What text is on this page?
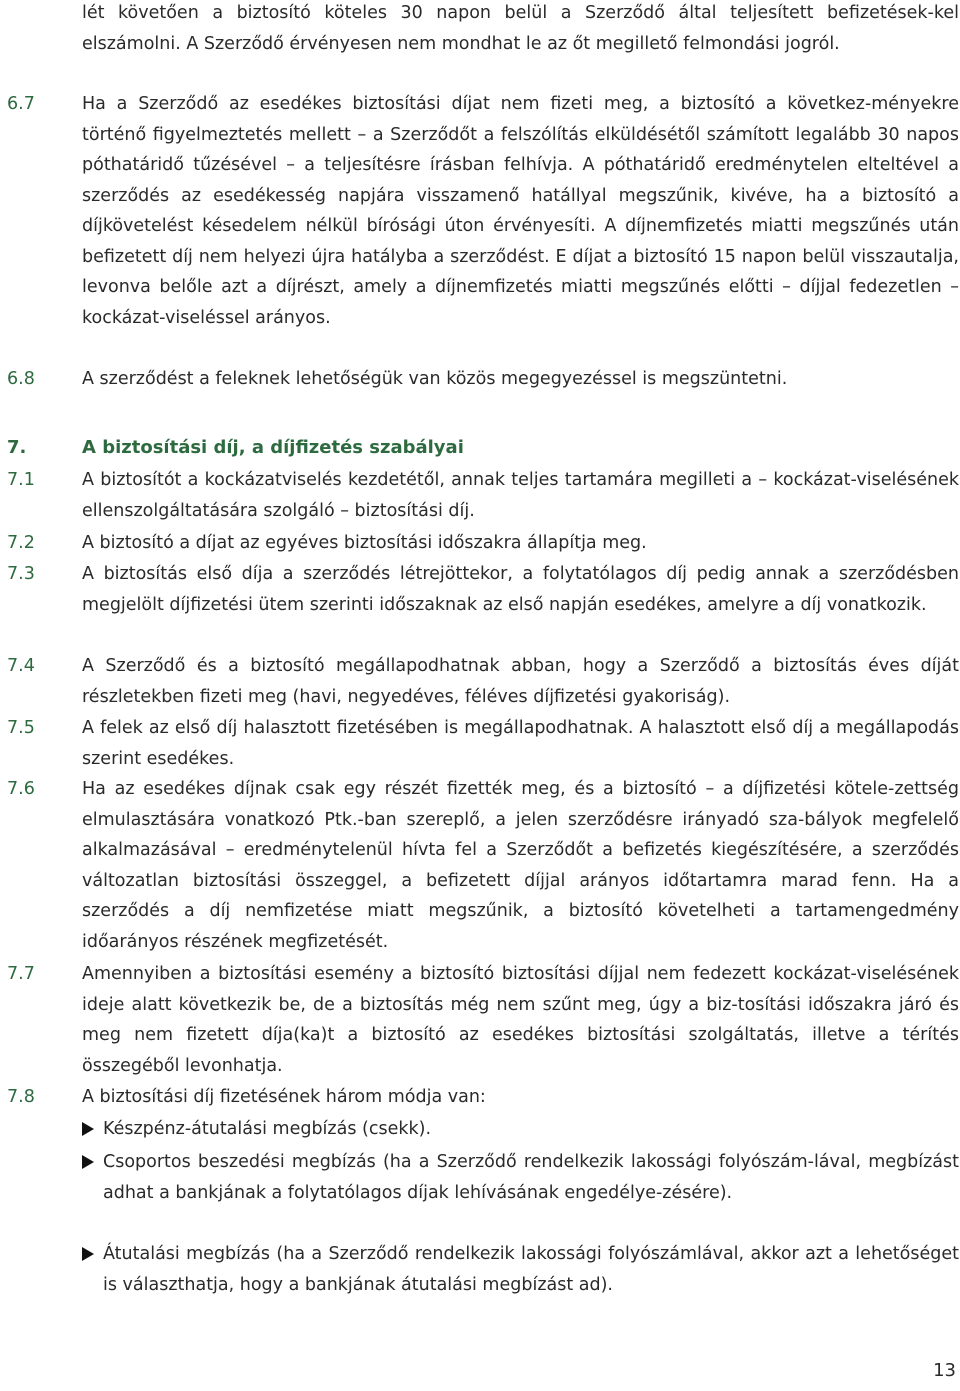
lét követően a biztosító köteles 30 napon belül a Szerződő által teljesített befizetések-kel elszámolni. A Szerződő érvényesen nem mondhat le az őt megillető felmondási jogról.

6.7	Ha a Szerződő az esedékes biztosítási díjat nem fizeti meg, a biztosító a következ-ményekre történő figyelmeztetés mellett – a Szerződőt a felszólítás elküldésétől számított legalább 30 napos póthatáridő tűzésével – a teljesítésre írásban felhívja. A póthatáridő eredménytelen elteltével a szerződés az esedékesség napjára visszamenő hatállyal megszűnik, kivéve, ha a biztosító a díjkövetelést késedelem nélkül bírósági úton érvényesíti. A díjnemfizetés miatti megszűnés után befizetett díj nem helyezi újra hatályba a szerződést. E díjat a biztosító 15 napon belül visszautalja, levonva belőle azt a díjrészt, amely a díjnemfizetés miatti megszűnés előtti – díjjal fedezetlen – kockázat-viseléssel arányos.

6.8	A szerződést a feleknek lehetőségük van közös megegyezéssel is megszüntetni.

7.	A biztosítási díj, a díjfizetés szabályai
7.1	A biztosítót a kockázatviselés kezdetétől, annak teljes tartamára megilleti a – kockázat-viselésének ellenszolgáltatására szolgáló – biztosítási díj.

7.2	A biztosító a díjat az egyéves biztosítási időszakra állapítja meg.

7.3	A biztosítás első díja a szerződés létrejöttekor, a folytatólagos díj pedig annak a szerződésben megjelölt díjfizetési ütem szerinti időszaknak az első napján esedékes, amelyre a díj vonatkozik.

7.4	A Szerződő és a biztosító megállapodhatnak abban, hogy a Szerződő a biztosítás éves díját részletekben fizeti meg (havi, negyedéves, féléves díjfizetési gyakoriság).

7.5	A felek az első díj halasztott fizetésében is megállapodhatnak. A halasztott első díj a megállapodás szerint esedékes.

7.6	Ha az esedékes díjnak csak egy részét fizették meg, és a biztosító – a díjfizetési kötele-zettség elmulasztására vonatkozó Ptk.-ban szereplő, a jelen szerződésre irányadó sza-bályok megfelelő alkalmazásával – eredménytelenül hívta fel a Szerződőt a befizetés kiegészítésére, a szerződés változatlan biztosítási összeggel, a befizetett díjjal arányos időtartamra marad fenn. Ha a szerződés a díj nemfizetése miatt megszűnik, a biztosító követelheti a tartamengedmény időarányos részének megfizetését.

7.7	Amennyiben a biztosítási esemény a biztosító biztosítási díjjal nem fedezett kockázat-viselésének ideje alatt következik be, de a biztosítás még nem szűnt meg, úgy a biz-tosítási időszakra járó és meg nem fizetett díja(ka)t a biztosító az esedékes biztosítási szolgáltatás, illetve a térítés összegéből levonhatja.

7.8	A biztosítási díj fizetésének három módja van:

Készpénz-átutalási megbízás (csekk).

Csoportos beszedési megbízás (ha a Szerződő rendelkezik lakossági folyószám-lával, megbízást adhat a bankjának a folytatólagos díjak lehívásának engedélye-zésére).

Átutalási megbízás (ha a Szerződő rendelkezik lakossági folyószámlával, akkor azt a lehetőséget is választhatja, hogy a bankjának átutalási megbízást ad).

13
